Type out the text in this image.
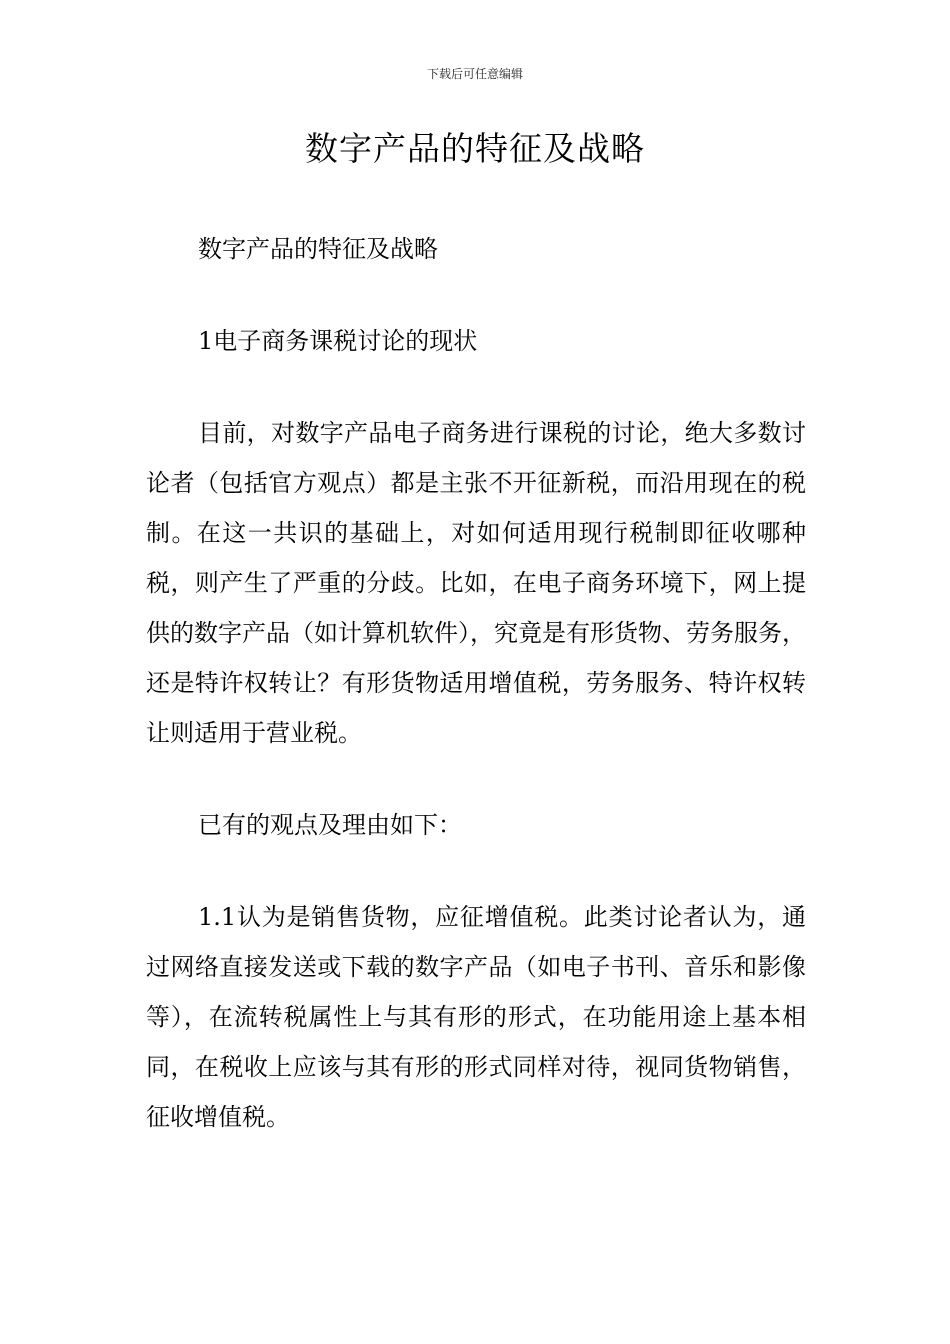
下载后可任意编辑
数字产品的特征及战略

数字产品的特征及战略

1电子商务课税讨论的现状

目前，对数字产品电子商务进行课税的讨论，绝大多数讨论者（包括官方观点）都是主张不开征新税，而沿用现在的税制。在这一共识的基础上，对如何适用现行税制即征收哪种税，则产生了严重的分歧。比如，在电子商务环境下，网上提供的数字产品（如计算机软件），究竟是有形货物、劳务服务，还是特许权转让？有形货物适用增值税，劳务服务、特许权转让则适用于营业税。

已有的观点及理由如下：

1.1认为是销售货物，应征增值税。此类讨论者认为，通过网络直接发送或下载的数字产品（如电子书刊、音乐和影像等），在流转税属性上与其有形的形式，在功能用途上基本相同，在税收上应该与其有形的形式同样对待，视同货物销售，征收增值税。
